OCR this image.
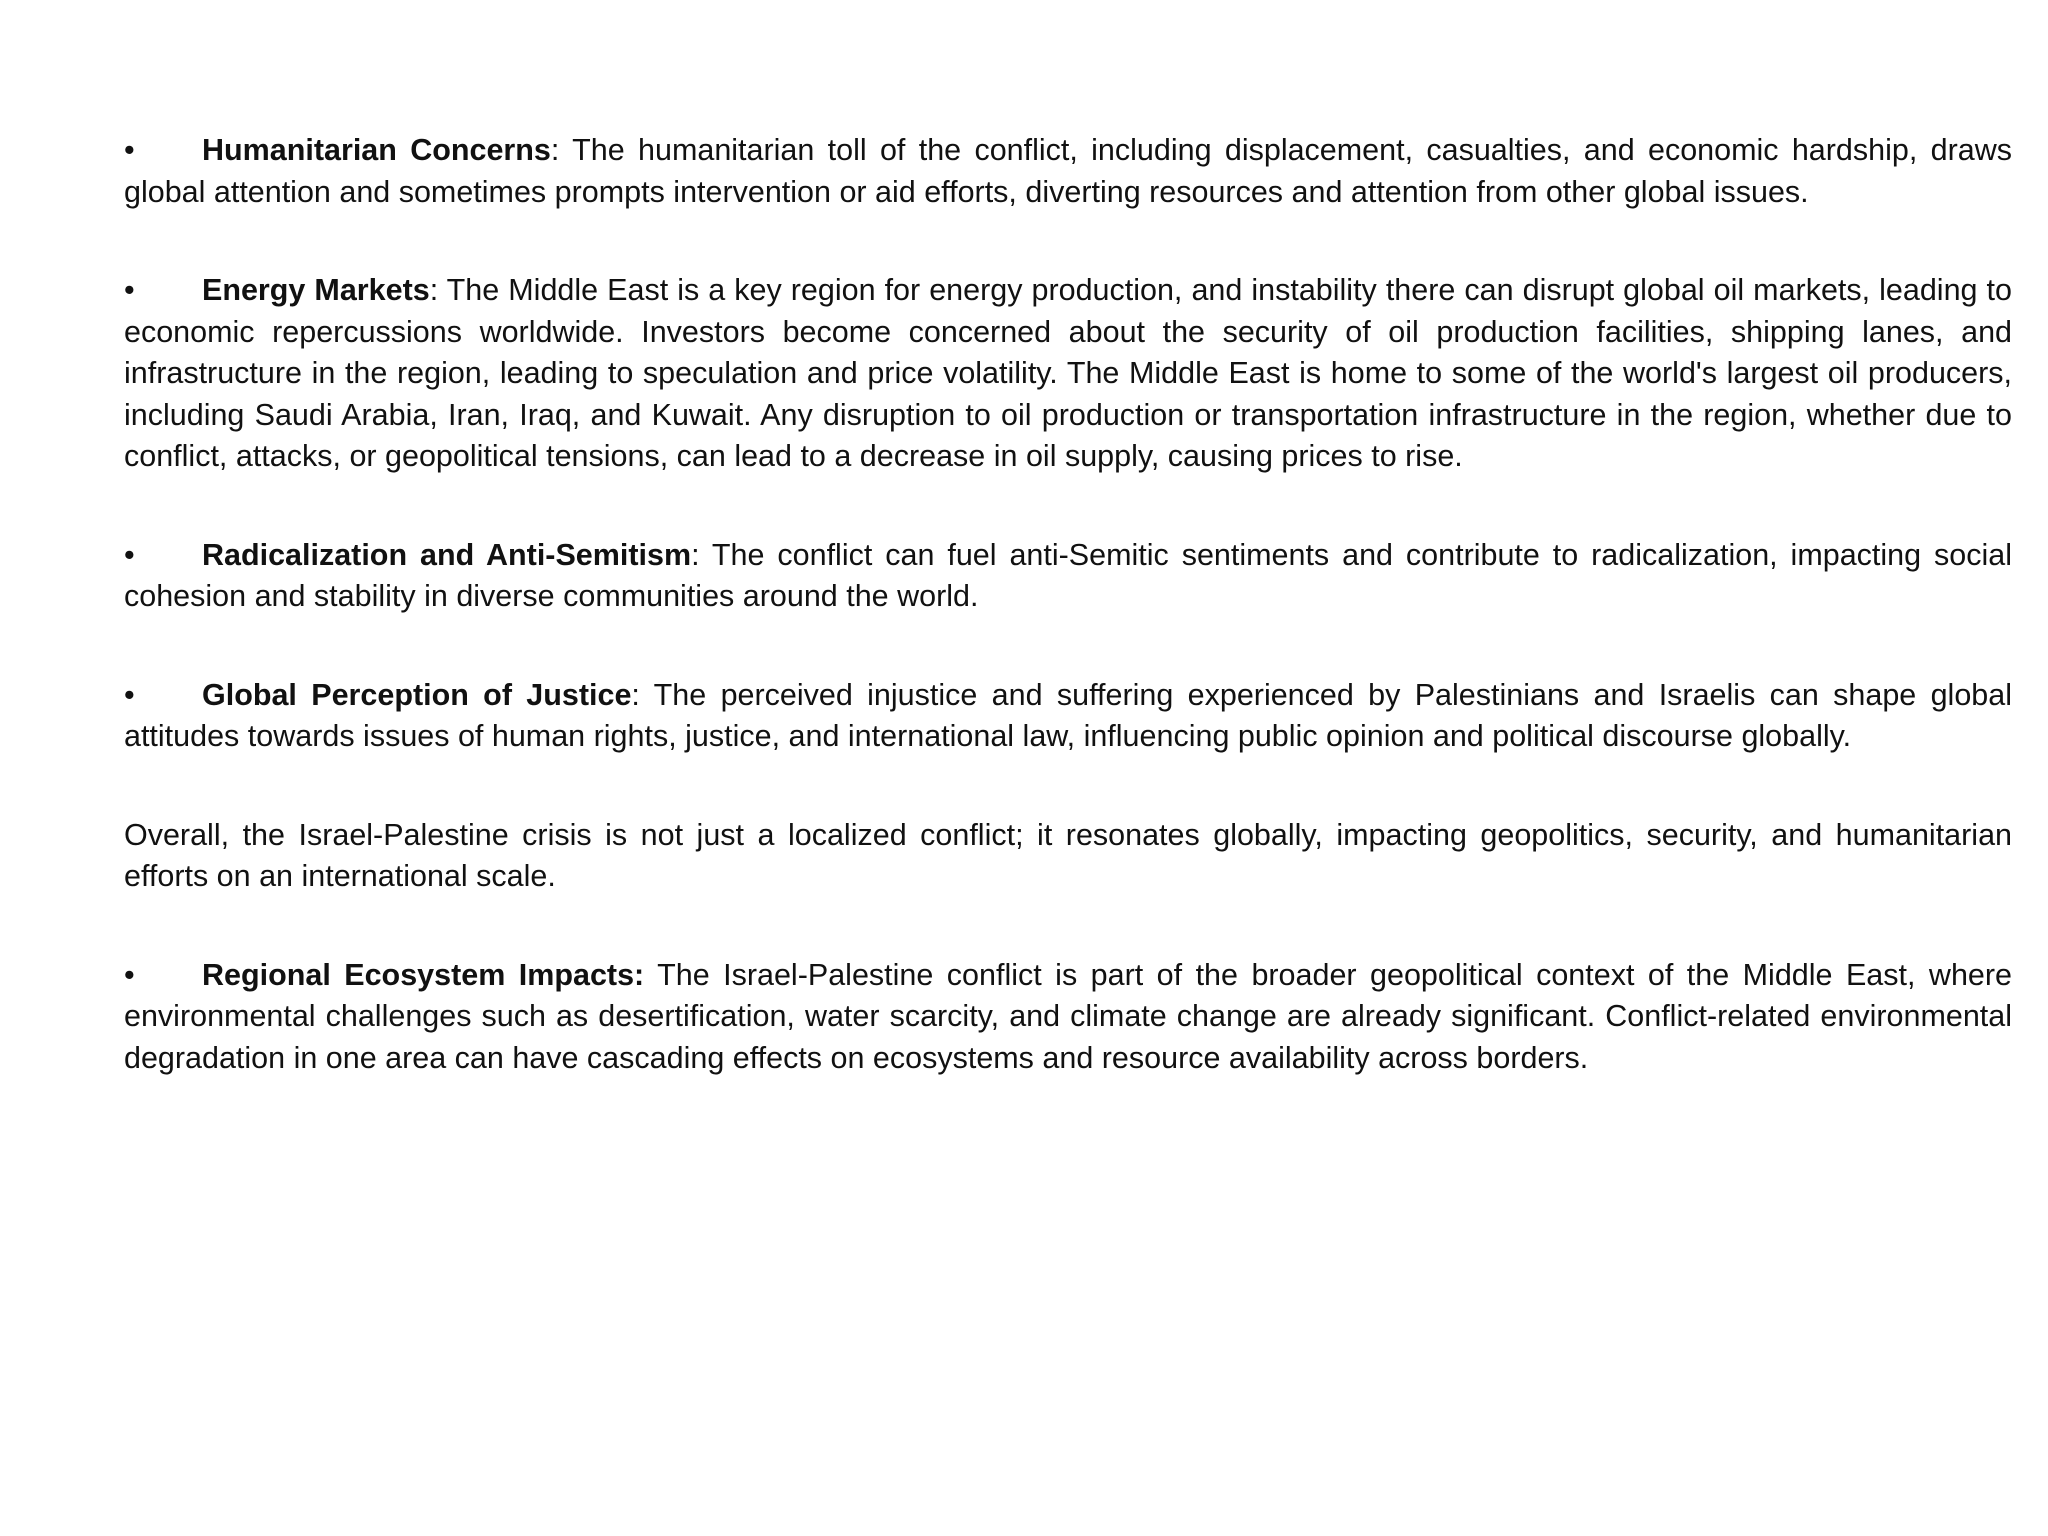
• Humanitarian Concerns: The humanitarian toll of the conflict, including displacement, casualties, and economic hardship, draws global attention and sometimes prompts intervention or aid efforts, diverting resources and attention from other global issues.

• Energy Markets: The Middle East is a key region for energy production, and instability there can disrupt global oil markets, leading to economic repercussions worldwide. Investors become concerned about the security of oil production facilities, shipping lanes, and infrastructure in the region, leading to speculation and price volatility. The Middle East is home to some of the world's largest oil producers, including Saudi Arabia, Iran, Iraq, and Kuwait. Any disruption to oil production or transportation infrastructure in the region, whether due to conflict, attacks, or geopolitical tensions, can lead to a decrease in oil supply, causing prices to rise.

• Radicalization and Anti-Semitism: The conflict can fuel anti-Semitic sentiments and contribute to radicalization, impacting social cohesion and stability in diverse communities around the world.

• Global Perception of Justice: The perceived injustice and suffering experienced by Palestinians and Israelis can shape global attitudes towards issues of human rights, justice, and international law, influencing public opinion and political discourse globally.

Overall, the Israel-Palestine crisis is not just a localized conflict; it resonates globally, impacting geopolitics, security, and humanitarian efforts on an international scale.

• Regional Ecosystem Impacts: The Israel-Palestine conflict is part of the broader geopolitical context of the Middle East, where environmental challenges such as desertification, water scarcity, and climate change are already significant. Conflict-related environmental degradation in one area can have cascading effects on ecosystems and resource availability across borders.
